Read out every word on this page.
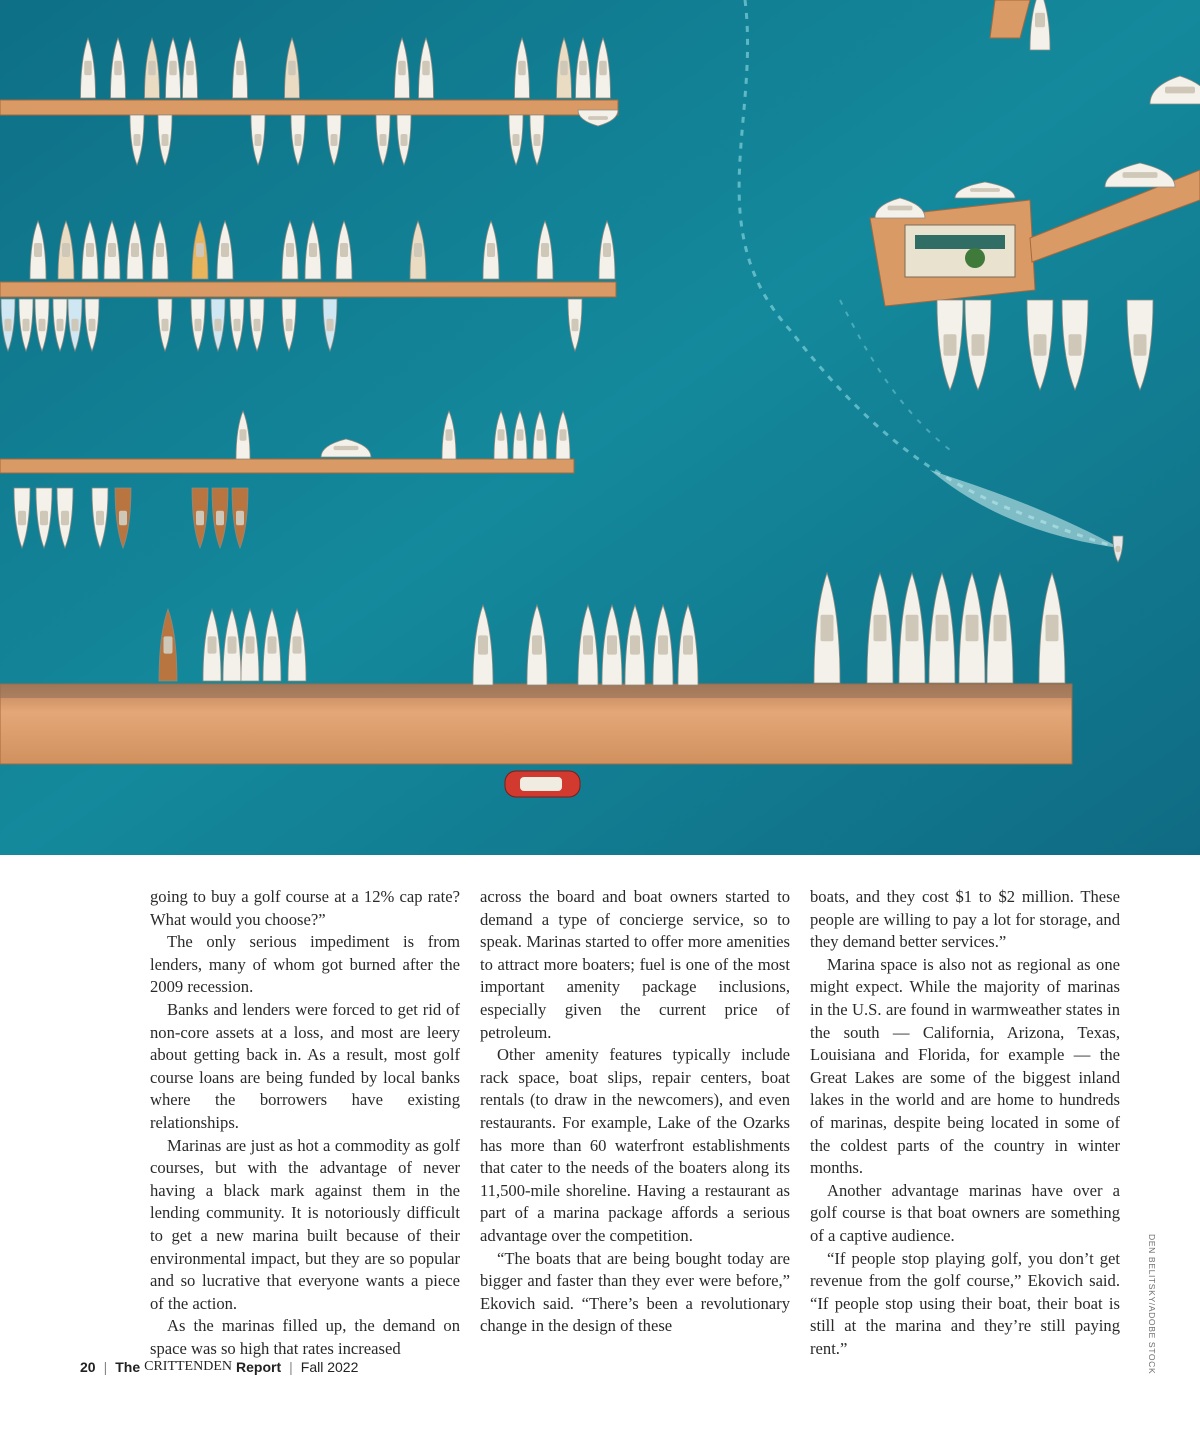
going to buy a golf course at a 12% cap rate? What would you choose?”

The only serious impediment is from lenders, many of whom got burned after the 2009 recession.

Banks and lenders were forced to get rid of non-core assets at a loss, and most are leery about getting back in. As a result, most golf course loans are being funded by local banks where the borrowers have existing relationships.

Marinas are just as hot a commodity as golf courses, but with the advantage of never having a black mark against them in the lending community. It is notoriously difficult to get a new marina built because of their environmental impact, but they are so popular and so lucrative that everyone wants a piece of the action.

As the marinas filled up, the demand on space was so high that rates increased

across the board and boat owners started to demand a type of concierge service, so to speak. Marinas started to offer more amenities to attract more boaters; fuel is one of the most important amenity package inclusions, especially given the current price of petroleum.

Other amenity features typically include rack space, boat slips, repair centers, boat rentals (to draw in the newcomers), and even restaurants. For example, Lake of the Ozarks has more than 60 waterfront establishments that cater to the needs of the boaters along its 11,500-mile shoreline. Having a restaurant as part of a marina package affords a serious advantage over the competition.

“The boats that are being bought today are bigger and faster than they ever were before,” Ekovich said. “There’s been a revolutionary change in the design of these

boats, and they cost $1 to $2 million. These people are willing to pay a lot for storage, and they demand better services.”

Marina space is also not as regional as one might expect. While the majority of marinas in the U.S. are found in warmweather states in the south — California, Arizona, Texas, Louisiana and Florida, for example — the Great Lakes are some of the biggest inland lakes in the world and are home to hundreds of marinas, despite being located in some of the coldest parts of the country in winter months.

Another advantage marinas have over a golf course is that boat owners are something of a captive audience.

“If people stop playing golf, you don’t get revenue from the golf course,” Ekovich said. “If people stop using their boat, their boat is still at the marina and they’re still paying rent.”	DEN BELITSKY/ADOBE STOCK
20 | The CRITTENDEN Report | Fall 2022
